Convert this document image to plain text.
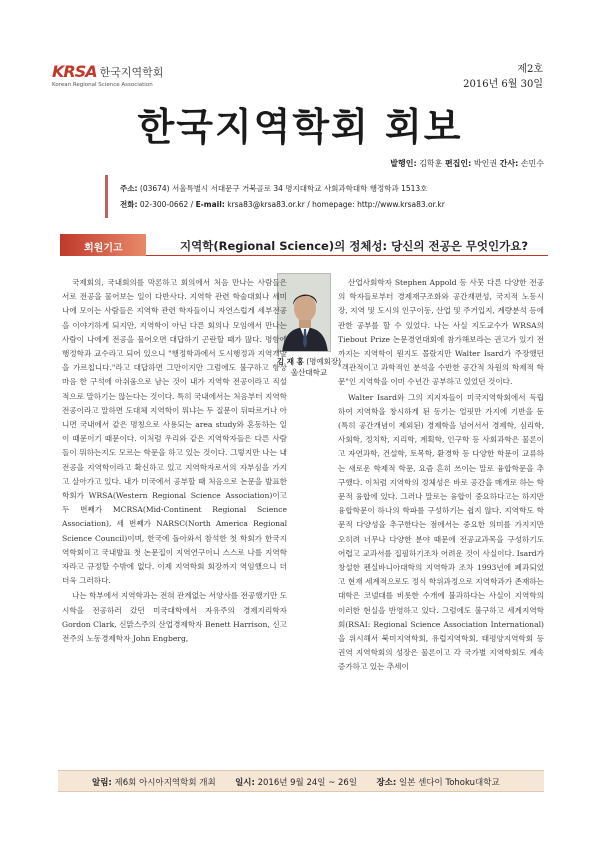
KRSA 한국지역학회
Korean Regional Science Association
제2호
2016년 6월 30일
한국지역학회 회보
발행인: 김학훈 편집인: 박인권 간사: 손민수
주소: (03674) 서울특별시 서대문구 거북골로 34 명지대학교 사회과학대학 행정학과 1513호
전화: 02-300-0662 / E-mail: krsa83@krsa83.or.kr / homepage: http://www.krsa83.or.kr
회원기고	지역학(Regional Science)의 정체성: 당신의 전공은 무엇인가요?
김 재 홍 (명예회장)
울산대학교

국제회의, 국내회의를 막론하고 회의에서 처음 만나는 사람들은 서로 전공을 물어보는 일이 다반사다. 지역학 관련 학술대회나 세미나에 모이는 사람들은 지역학 관련 학자들이니 자연스럽게 세부전공을 이야기하게 되지만, 지역학이 아닌 다른 회의나 모임에서 만나는 사람이 나에게 전공을 물어오면 대답하기 곤란할 때가 많다. 명함에 행정학과 교수라고 되어 있으니 "행정학과에서 도시행정과 지역개발을 가르칩니다."라고 대답하면 그만이지만 그럼에도 불구하고 항상 마음 한 구석에 아쉬움으로 남는 것이 내가 지역학 전공이라고 직설적으로 말하기는 않는다는 것이다. 특히 국내에서는 처음부터 지역학 전공이라고 말하면 도대체 지역학이 뭐냐는 두 질문이 뒤따르거나 아니면 국내에서 같은 명칭으로 사용되는 area study와 혼동하는 일이 때문이기 때문이다. 이처럼 우리와 같은 지역학자들은 다른 사람들이 뭐하는지도 모르는 학문을 하고 있는 것이다. 그렇지만 나는 내 전공을 지역학이라고 확신하고 있고 지역학자로서의 자부심을 가지고 살아가고 있다. 내가 미국에서 공부할 때 처음으로 논문을 발표한 학회가 WRSA(Western Regional Science Association)이고 두 번째가 MCRSA(Mid-Continent Regional Science Association), 세 번째가 NARSC(North America Regional Science Council)이며, 한국에 돌아와서 참석한 첫 학회가 한국지역학회이고 국내발표 첫 논문집이 지역연구이니 스스로 나를 지역학자라고 규정할 수밖에 없다. 이제 지역학회 회장까지 역임했으니 더더욱 그러하다.

나는 학부에서 지역학과는 전혀 관계없는 서양사를 전공했기만 도시학을 전공하러 갔던 미국대학에서 자유주의 경제지리학자 Gordon Clark, 신맑스주의 산업경제학자 Benett Harrison, 신고전주의 노동경제학자 John Engberg,

산업사회학자 Stephen Appold 등 사뭇 다른 다양한 전공의 학자들로부터 경제재구조화와 공간재편성, 국지적 노동시장, 지역 및 도시의 인구이동, 산업 및 주거입지, 계량분석 등에 관한 공부를 할 수 있었다. 나는 사실 지도교수가 WRSA의 Tiebout Prize 논문경연대회에 참가해보라는 권고가 있기 전까지는 지역학이 뭔지도 몰랐지만 Walter Isard가 주장했던 "객관적이고 과학적인 분석을 수반한 공간적 차원의 학제적 학문"인 지역학을 이미 수년간 공부하고 있었던 것이다.

Walter Isard와 그의 지지자들이 미국지역학회에서 독립하여 지역학을 창시하게 된 동기는 얼핏만 가지에 기반을 둔 (특히 공간개념이 제외된) 경제학을 넘어서서 경제학, 심리학, 사회학, 정치학, 지리학, 계획학, 인구학 등 사회과학은 물론이고 자연과학, 건설학, 토목학, 환경학 등 다양한 학문이 교류하는 새로운 학제적 학문, 요즘 흔히 쓰이는 말로 융합학문을 추구했다. 이처럼 지역학의 정체성은 바로 공간을 매개로 하는 학문적 융합에 있다. 그러나 말로는 융합이 중요하다고는 하지만 융합학문이 하나의 학파를 구성하기는 쉽지 않다. 지역학도 학문적 다양성을 추구한다는 점에서는 중요한 의미를 가지지만 오히려 너무나 다양한 분야 때문에 전공교과목을 구성하기도 어렵고 교과서를 집필하기조차 어려운 것이 사실이다. Isard가 창설한 펜실바니아대학의 지역학과 조차 1993년에 폐과되었고 현재 세계적으로도 정식 학위과정으로 지역학과가 존재하는 대학은 코넬대를 비롯한 수개에 불과하다는 사실이 지역학의 이러한 현실을 반영하고 있다. 그럼에도 불구하고 세계지역학회(RSAI: Regional Science Association International)을 위시해서 북미지역학회, 유럽지역학회, 태평양지역학회 등 권역 지역학회의 성장은 물론이고 각 국가별 지역학회도 계속 증가하고 있는 추세이

알림: 제6회 아시아지역학회 개최 일시: 2016년 9월 24일 ~ 26일 장소: 일본 센다이 Tohoku대학교
